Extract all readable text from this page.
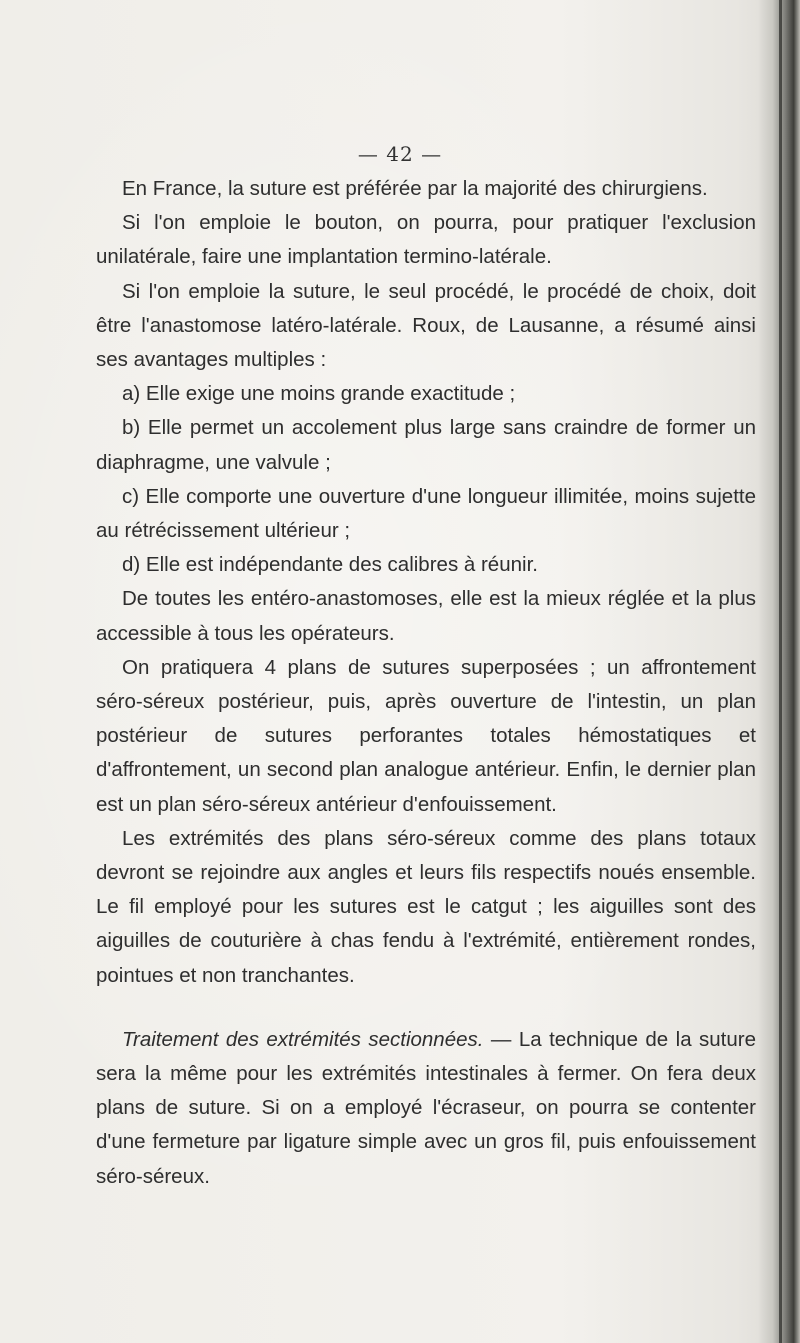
— 42 —

En France, la suture est préférée par la majorité des chirurgiens.

Si l'on emploie le bouton, on pourra, pour pratiquer l'exclusion unilatérale, faire une implantation termino-latérale.

Si l'on emploie la suture, le seul procédé, le procédé de choix, doit être l'anastomose latéro-latérale. Roux, de Lausanne, a résumé ainsi ses avantages multiples :

a) Elle exige une moins grande exactitude ;

b) Elle permet un accolement plus large sans craindre de former un diaphragme, une valvule ;

c) Elle comporte une ouverture d'une longueur illimitée, moins sujette au rétrécissement ultérieur ;

d) Elle est indépendante des calibres à réunir.

De toutes les entéro-anastomoses, elle est la mieux réglée et la plus accessible à tous les opérateurs.

On pratiquera 4 plans de sutures superposées ; un affrontement séro-séreux postérieur, puis, après ouverture de l'intestin, un plan postérieur de sutures perforantes totales hémostatiques et d'affrontement, un second plan analogue antérieur. Enfin, le dernier plan est un plan séro-séreux antérieur d'enfouissement.

Les extrémités des plans séro-séreux comme des plans totaux devront se rejoindre aux angles et leurs fils respectifs noués ensemble. Le fil employé pour les sutures est le catgut ; les aiguilles sont des aiguilles de couturière à chas fendu à l'extrémité, entièrement rondes, pointues et non tranchantes.

Traitement des extrémités sectionnées. — La technique de la suture sera la même pour les extrémités intestinales à fermer. On fera deux plans de suture. Si on a employé l'écraseur, on pourra se contenter d'une fermeture par ligature simple avec un gros fil, puis enfouissement séro-séreux.
